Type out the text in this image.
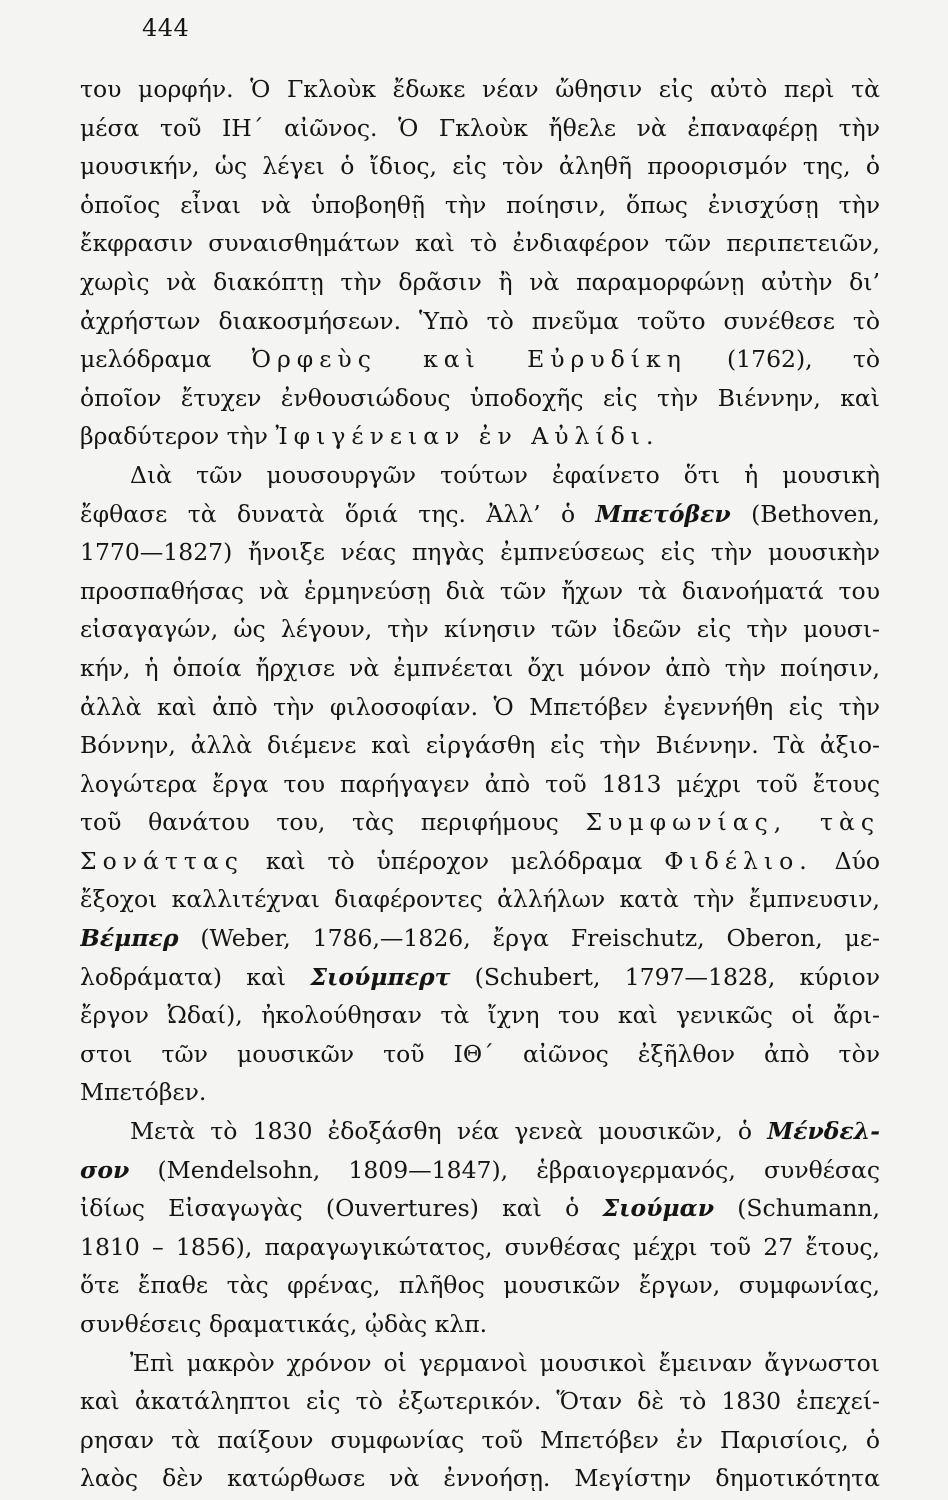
444
του μορφήν. Ὁ Γκλοὺκ ἔδωκε νέαν ὤθησιν εἰς αὐτὸ περὶ τὰ
μέσα τοῦ ΙΗ΄ αἰῶνος. Ὁ Γκλοὺκ ἤθελε νὰ ἐπαναφέρῃ τὴν
μουσικήν, ὡς λέγει ὁ ἴδιος, εἰς τὸν ἀληθῆ προορισμόν της, ὁ
ὁποῖος εἶναι νὰ ὑποβοηθῇ τὴν ποίησιν, ὅπως ἐνισχύσῃ τὴν
ἔκφρασιν συναισθημάτων καὶ τὸ ἐνδιαφέρον τῶν περιπετειῶν,
χωρὶς νὰ διακόπτῃ τὴν δρᾶσιν ἢ νὰ παραμορφώνῃ αὐτὴν δι’
ἀχρήστων διακοσμήσεων. Ὑπὸ τὸ πνεῦμα τοῦτο συνέθεσε τὸ
μελόδραμα Ὀρφεὺς καὶ Εὐρυδίκη (1762), τὸ
ὁποῖον ἔτυχεν ἐνθουσιώδους ὑποδοχῆς εἰς τὴν Βιέννην, καὶ
βραδύτερον τὴν Ἰφιγένειαν ἐν Αὐλίδι.
Διὰ τῶν μουσουργῶν τούτων ἐφαίνετο ὅτι ἡ μουσικὴ
ἔφθασε τὰ δυνατὰ ὅριά της. Ἀλλ’ ὁ Μπετόβεν (Bethoven,
1770—1827) ἤνοιξε νέας πηγὰς ἐμπνεύσεως εἰς τὴν μουσικὴν
προσπαθήσας νὰ ἑρμηνεύσῃ διὰ τῶν ἤχων τὰ διανοήματά του
εἰσαγαγών, ὡς λέγουν, τὴν κίνησιν τῶν ἰδεῶν εἰς τὴν μουσι-
κήν, ἡ ὁποία ἤρχισε νὰ ἐμπνέεται ὄχι μόνον ἀπὸ τὴν ποίησιν,
ἀλλὰ καὶ ἀπὸ τὴν φιλοσοφίαν. Ὁ Μπετόβεν ἐγεννήθη εἰς τὴν
Βόννην, ἀλλὰ διέμενε καὶ εἰργάσθη εἰς τὴν Βιέννην. Τὰ ἀξιο-
λογώτερα ἔργα του παρήγαγεν ἀπὸ τοῦ 1813 μέχρι τοῦ ἔτους
τοῦ θανάτου του, τὰς περιφήμους Συμφωνίας, τὰς
Σονάττας καὶ τὸ ὑπέροχον μελόδραμα Φιδέλιο. Δύο
ἔξοχοι καλλιτέχναι διαφέροντες ἀλλήλων κατὰ τὴν ἔμπνευσιν,
Βέμπερ (Weber, 1786,—1826, ἔργα Freischutz, Oberon, με-
λοδράματα) καὶ Σιούμπερτ (Schubert, 1797—1828, κύριον
ἔργον Ὠδαί), ἠκολούθησαν τὰ ἴχνη του καὶ γενικῶς οἱ ἄρι-
στοι τῶν μουσικῶν τοῦ ΙΘ΄ αἰῶνος ἐξῆλθον ἀπὸ τὸν
Μπετόβεν.
Μετὰ τὸ 1830 ἐδοξάσθη νέα γενεὰ μουσικῶν, ὁ Μένδελ-
σον (Mendelsohn, 1809—1847), ἑβραιογερμανός, συνθέσας
ἰδίως Εἰσαγωγὰς (Ouvertures) καὶ ὁ Σιούμαν (Schumann,
1810 – 1856), παραγωγικώτατος, συνθέσας μέχρι τοῦ 27 ἔτους,
ὅτε ἔπαθε τὰς φρένας, πλῆθος μουσικῶν ἔργων, συμφωνίας,
συνθέσεις δραματικάς, ᾠδὰς κλπ.
Ἐπὶ μακρὸν χρόνον οἱ γερμανοὶ μουσικοὶ ἔμειναν ἄγνωστοι
καὶ ἀκατάληπτοι εἰς τὸ ἐξωτερικόν. Ὅταν δὲ τὸ 1830 ἐπεχεί-
ρησαν τὰ παίξουν συμφωνίας τοῦ Μπετόβεν ἐν Παρισίοις, ὁ
λαὸς δὲν κατώρθωσε νὰ ἐννοήσῃ. Μεγίστην δημοτικότητα
